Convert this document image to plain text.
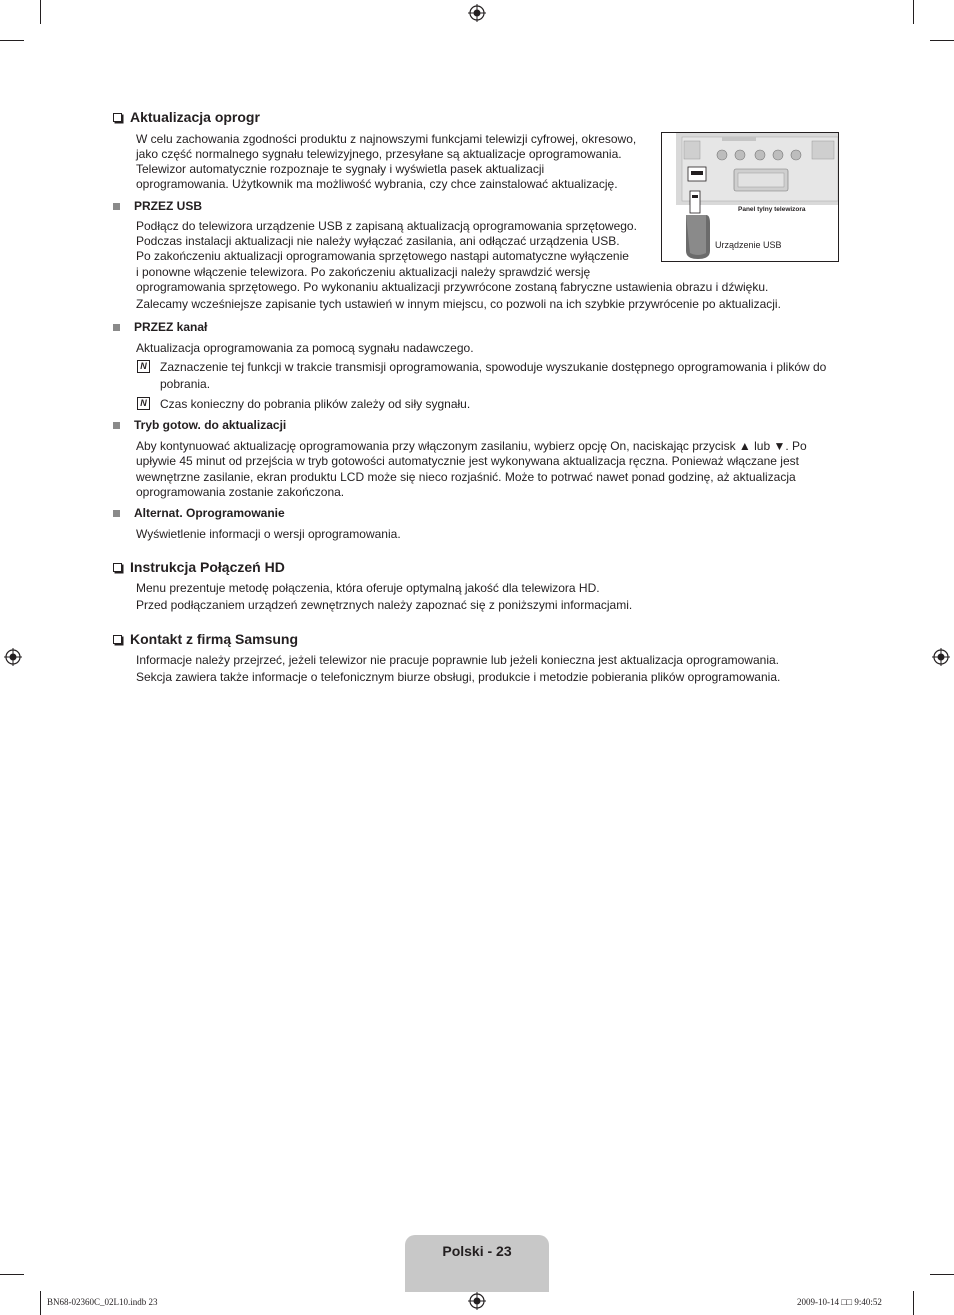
Aktualizacja oprogr

W celu zachowania zgodności produktu z najnowszymi funkcjami telewizji cyfrowej, okresowo,

jako część normalnego sygnału telewizyjnego, przesyłane są aktualizacje oprogramowania.

Telewizor automatycznie rozpoznaje te sygnały i wyświetla pasek aktualizacji

oprogramowania. Użytkownik ma możliwość wybrania, czy chce zainstalować aktualizację.

Panel tylny telewizora
Urządzenie USB
PRZEZ USB

Podłącz do telewizora urządzenie USB z zapisaną aktualizacją oprogramowania sprzętowego.

Podczas instalacji aktualizacji nie należy wyłączać zasilania, ani odłączać urządzenia USB.

Po zakończeniu aktualizacji oprogramowania sprzętowego nastąpi automatyczne wyłączenie

i ponowne włączenie telewizora. Po zakończeniu aktualizacji należy sprawdzić wersję

oprogramowania sprzętowego. Po wykonaniu aktualizacji przywrócone zostaną fabryczne ustawienia obrazu i dźwięku.

Zalecamy wcześniejsze zapisanie tych ustawień w innym miejscu, co pozwoli na ich szybkie przywrócenie po aktualizacji.

PRZEZ kanał

Aktualizacja oprogramowania za pomocą sygnału nadawczego.

N Zaznaczenie tej funkcji w trakcie transmisji oprogramowania, spowoduje wyszukanie dostępnego oprogramowania i plików do

pobrania.

N Czas konieczny do pobrania plików zależy od siły sygnału.

Tryb gotow. do aktualizacji

Aby kontynuować aktualizację oprogramowania przy włączonym zasilaniu, wybierz opcję On, naciskając przycisk ▲ lub ▼. Po

upływie 45 minut od przejścia w tryb gotowości automatycznie jest wykonywana aktualizacja ręczna. Ponieważ włączane jest

wewnętrzne zasilanie, ekran produktu LCD może się nieco rozjaśnić. Może to potrwać nawet ponad godzinę, aż aktualizacja

oprogramowania zostanie zakończona.

Alternat. Oprogramowanie

Wyświetlenie informacji o wersji oprogramowania.

Instrukcja Połączeń HD

Menu prezentuje metodę połączenia, która oferuje optymalną jakość dla telewizora HD.

Przed podłączaniem urządzeń zewnętrznych należy zapoznać się z poniższymi informacjami.

Kontakt z firmą Samsung

Informacje należy przejrzeć, jeżeli telewizor nie pracuje poprawnie lub jeżeli konieczna jest aktualizacja oprogramowania.

Sekcja zawiera także informacje o telefonicznym biurze obsługi, produkcie i metodzie pobierania plików oprogramowania.

Polski - 23
BN68-02360C_02L10.indb 23	2009-10-14 □□ 9:40:52
